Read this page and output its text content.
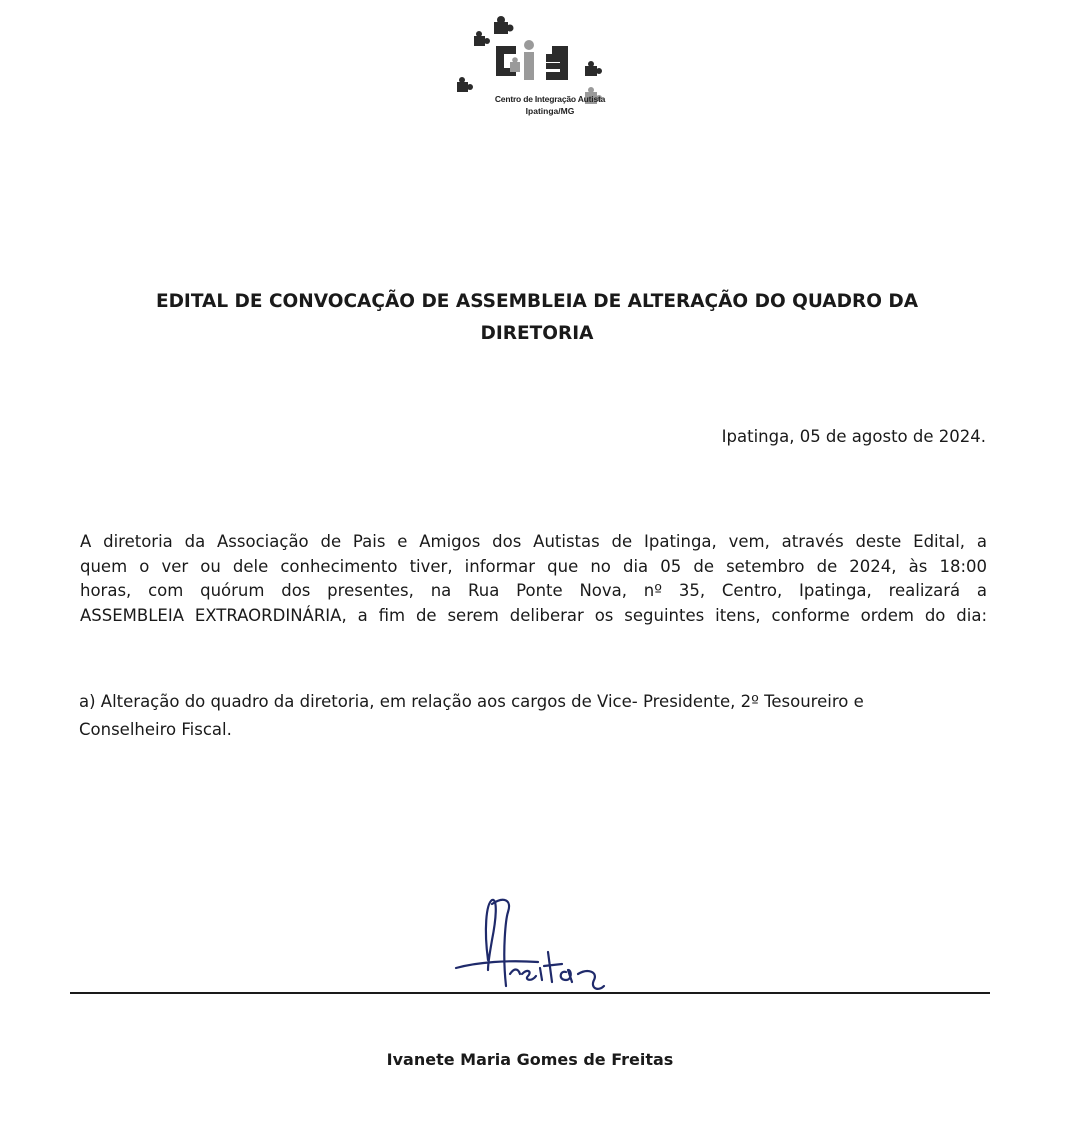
Centro de Integração Autista
Ipatinga/MG
EDITAL DE CONVOCAÇÃO DE ASSEMBLEIA DE ALTERAÇÃO DO QUADRO DA
DIRETORIA
Ipatinga, 05 de agosto de 2024.
A diretoria da Associação de Pais e Amigos dos Autistas de Ipatinga, vem, através deste Edital, a
quem o ver ou dele conhecimento tiver, informar que no dia 05 de setembro de 2024, às 18:00
horas, com quórum dos presentes, na Rua Ponte Nova, nº 35, Centro, Ipatinga, realizará a
ASSEMBLEIA EXTRAORDINÁRIA, a fim de serem deliberar os seguintes itens, conforme ordem do dia:
a) Alteração do quadro da diretoria, em relação aos cargos de Vice- Presidente, 2º Tesoureiro e
Conselheiro Fiscal.
Ivanete Maria Gomes de Freitas
